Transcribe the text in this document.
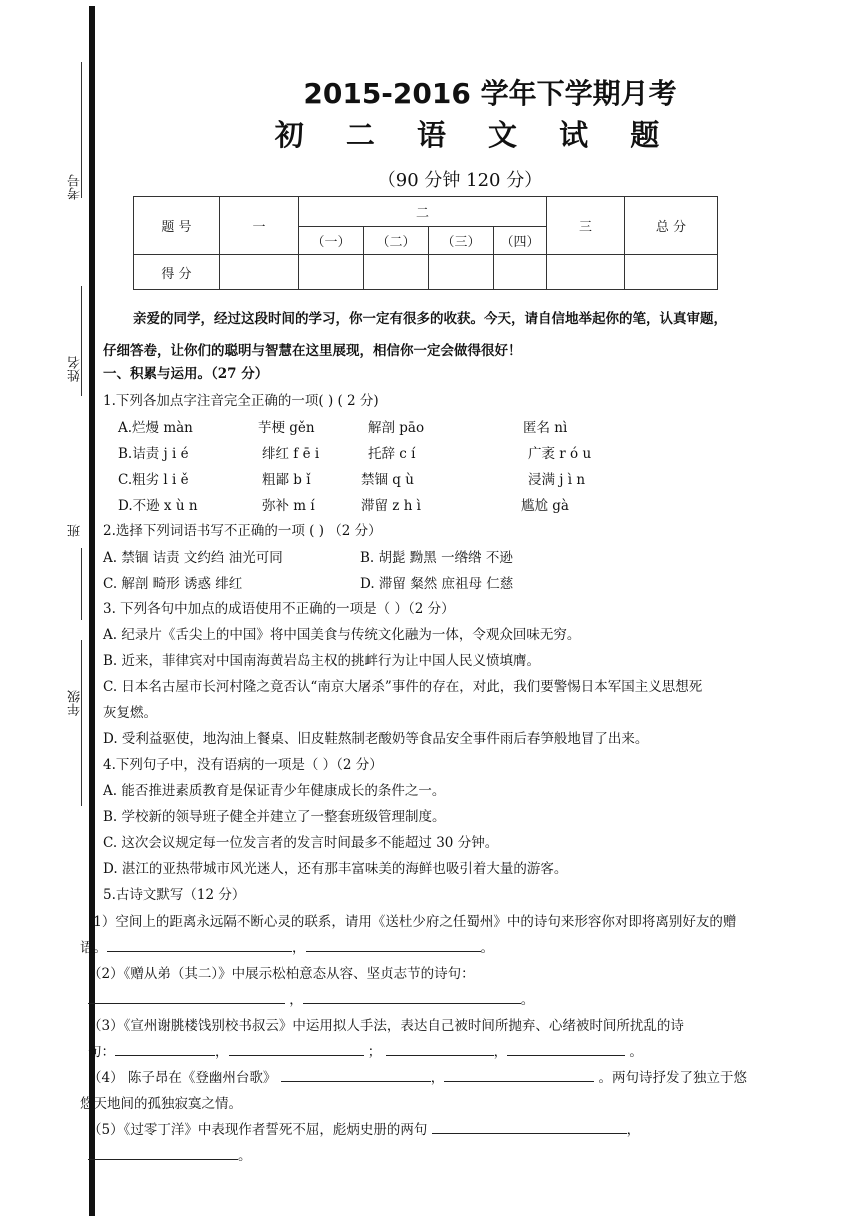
考号
姓名
班
年级
2015-2016 学年下学期月考
初 二 语 文 试 题
（90 分钟 120 分）
题 号	一	二				三	总 分
		（一）	（二）	（三）	（四）		
得 分							
亲爱的同学，经过这段时间的学习，你一定有很多的收获。今天，请自信地举起你的笔，认真审题，
仔细答卷，让你们的聪明与智慧在这里展现，相信你一定会做得很好！
一、积累与运用。（27 分）
1.下列各加点字注音完全正确的一项( ) ( 2 分)
A.烂熳 màn	芋梗 gěn	解剖 pāo	匿名 nì
B.诘责 j i é	绯红 f ē i	托辞 c í	广袤 r ó u
C.粗劣 l i ě	粗鄙 b ǐ	禁锢 q ù	浸满 j ì n
D.不逊 x ù n	弥补 m í	滞留 z h ì	尴尬 gà
2.选择下列词语书写不正确的一项 ( ) （2 分）
A. 禁锢 诘责 文约绉 油光可同	B. 胡髭 黝黑 一绺绺 不逊
C. 解剖 畸形 诱惑 绯红	D. 滞留 粲然 庶祖母 仁慈
3. 下列各句中加点的成语使用不正确的一项是（ ）（2 分）
A. 纪录片《舌尖上的中国》将中国美食与传统文化融为一体，令观众回味无穷。
B. 近来，菲律宾对中国南海黄岩岛主权的挑衅行为让中国人民义愤填膺。
C. 日本名古屋市长河村隆之竟否认“南京大屠杀”事件的存在，对此，我们要警惕日本军国主义思想死
灰复燃。
D. 受利益驱使，地沟油上餐桌、旧皮鞋熬制老酸奶等食品安全事件雨后春笋般地冒了出来。
4.下列句子中，没有语病的一项是（ ）（2 分）
A. 能否推进素质教育是保证青少年健康成长的条件之一。
B. 学校新的领导班子健全并建立了一整套班级管理制度。
C. 这次会议规定每一位发言者的发言时间最多不能超过 30 分钟。
D. 湛江的亚热带城市风光迷人，还有那丰富味美的海鲜也吸引着大量的游客。
5.古诗文默写（12 分）
(1）空间上的距离永远隔不断心灵的联系，请用《送杜少府之任蜀州》中的诗句来形容你对即将离别好友的赠
语。	，	。
（2）《赠从弟（其二）》中展示松柏意态从容、坚贞志节的诗句：
，	。
（3）《宣州谢朓楼饯别校书叔云》中运用拟人手法，表达自己被时间所抛弃、心绪被时间所扰乱的诗
句：	，	；	，	。
（4） 陈子昂在《登幽州台歌》	，	。两句诗抒发了独立于悠
悠天地间的孤独寂寞之情。
（5）《过零丁洋》中表现作者誓死不屈，彪炳史册的两句	，
。
